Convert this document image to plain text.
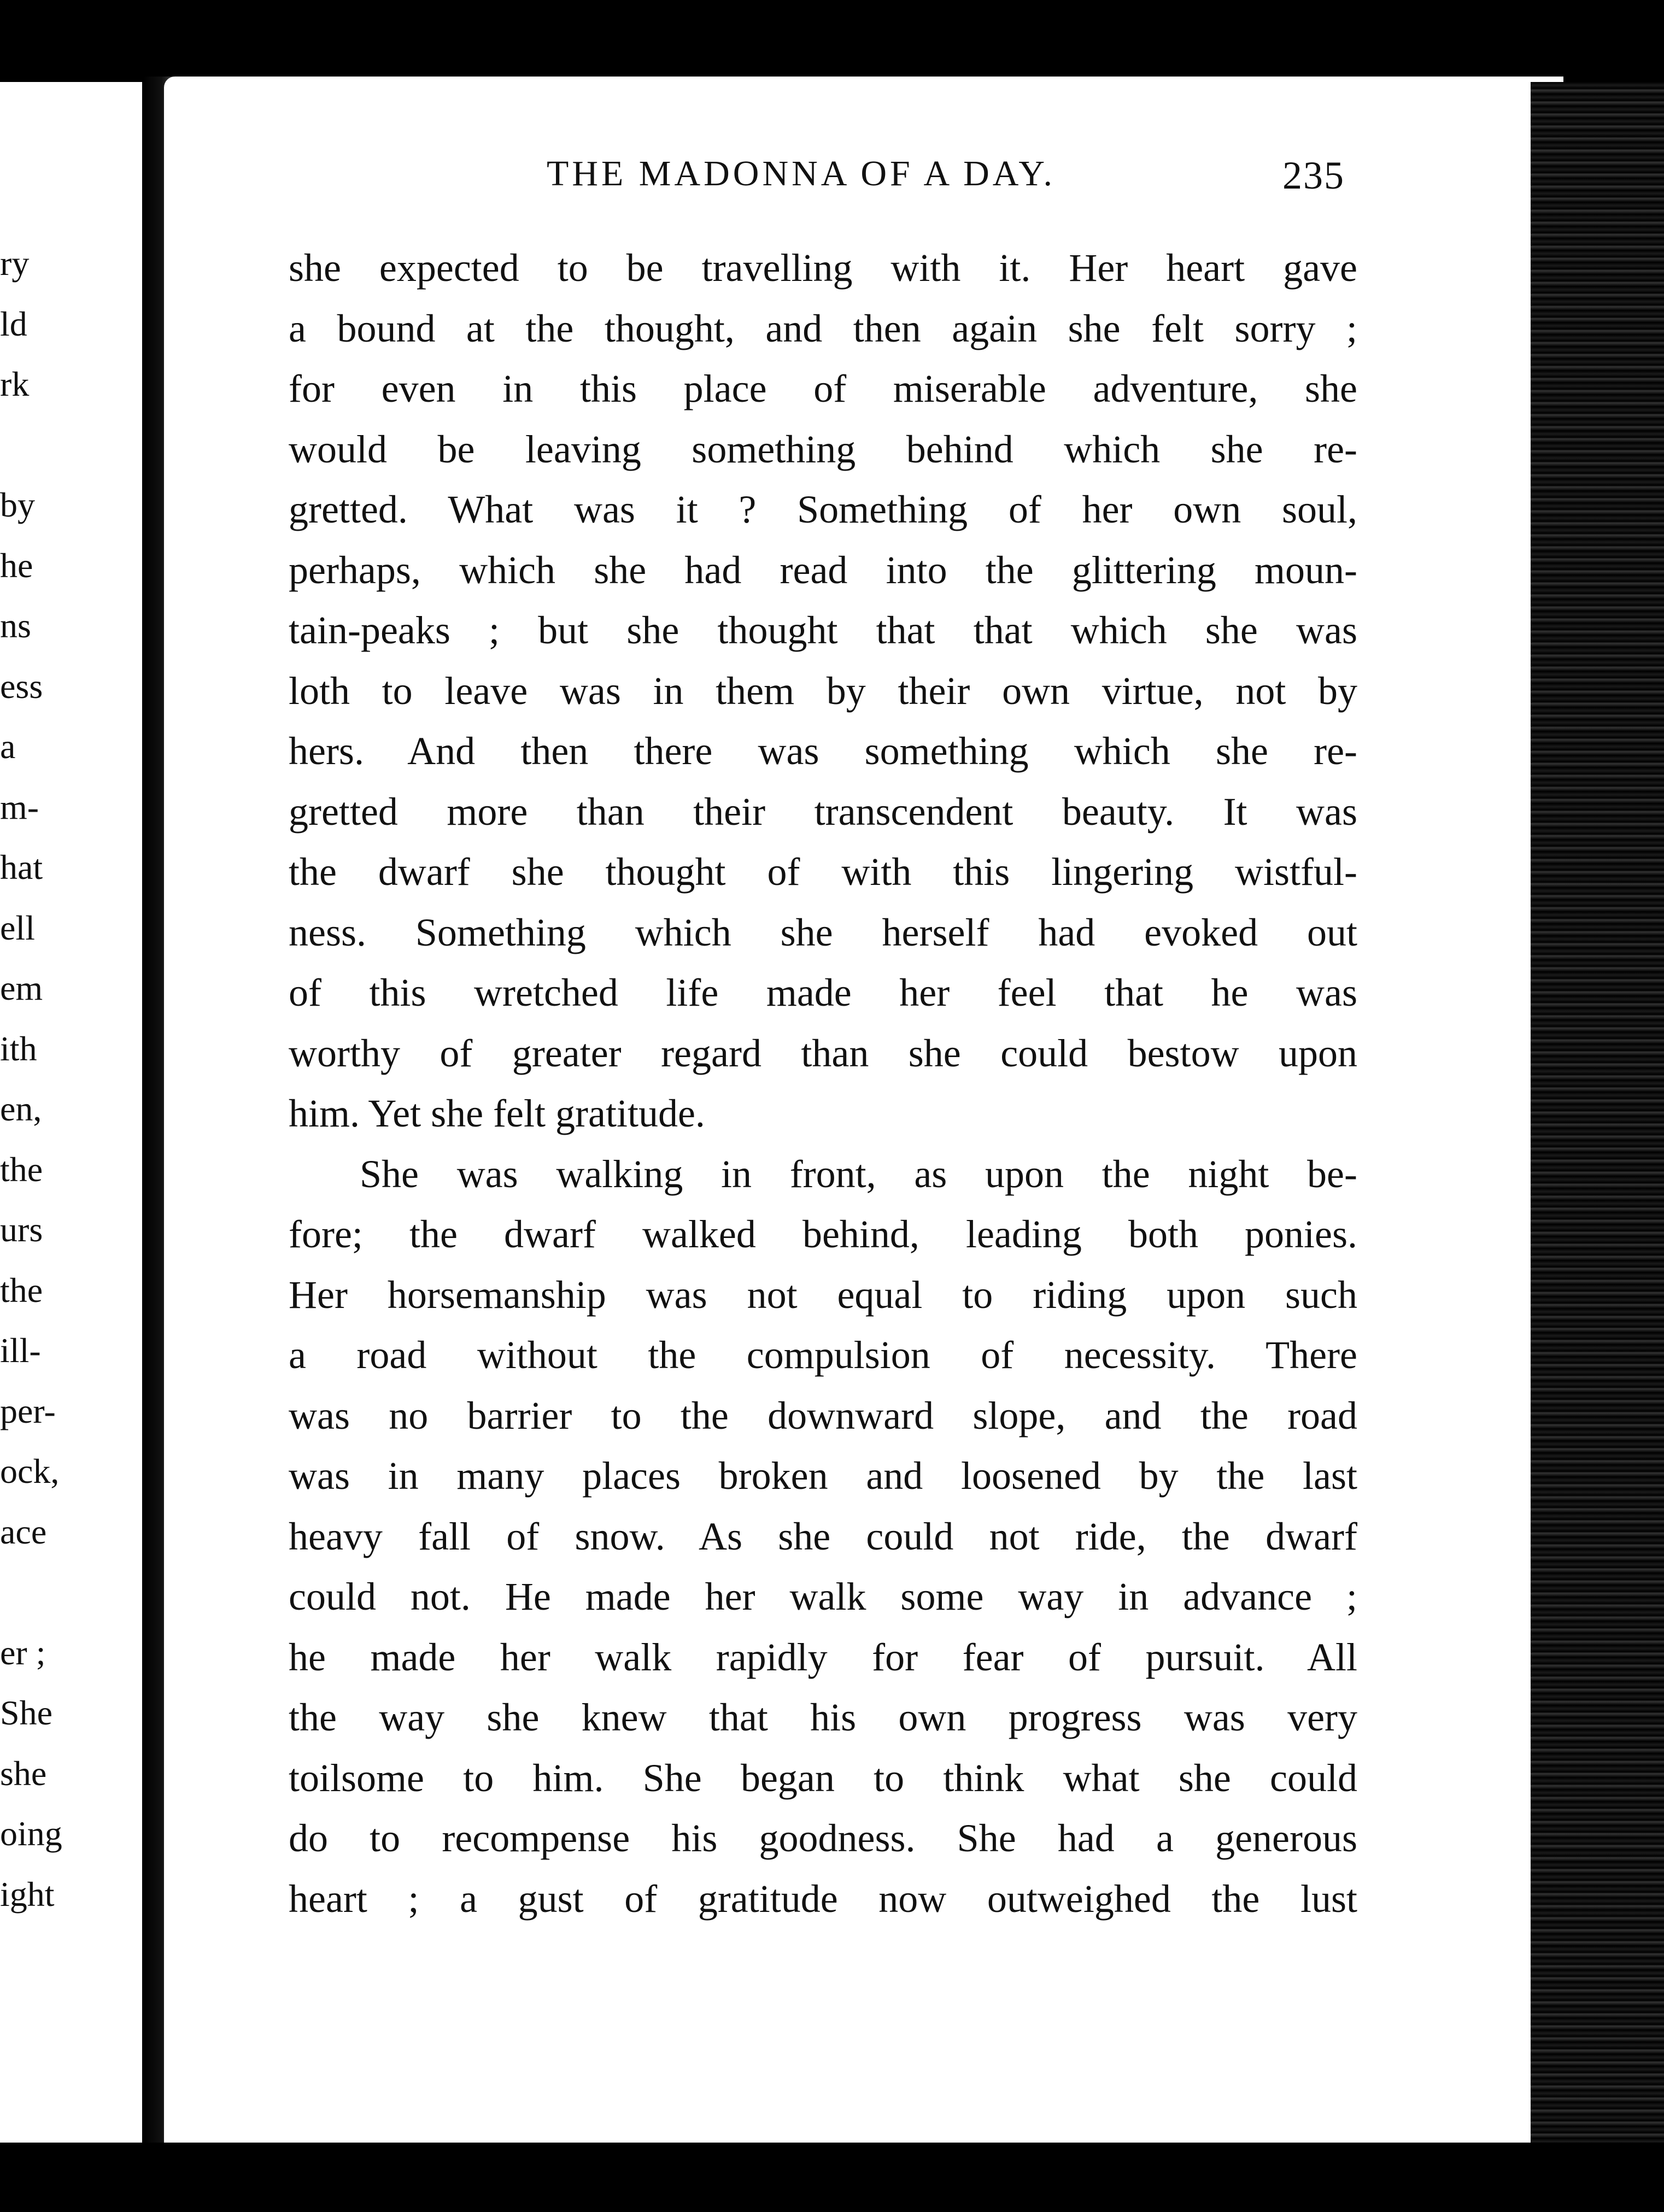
ry
ld
rk
by
he
ns
ess
a
m-
hat
ell
em
ith
en,
the
urs
the
ill-
per-
ock,
ace
er ;
She
she
oing
ight
THE MADONNA OF A DAY.	235
she expected to be travelling with it. Her heart gave
a bound at the thought, and then again she felt sorry ;
for even in this place of miserable adventure, she
would be leaving something behind which she re-
gretted. What was it ? Something of her own soul,
perhaps, which she had read into the glittering moun-
tain-peaks ; but she thought that that which she was
loth to leave was in them by their own virtue, not by
hers. And then there was something which she re-
gretted more than their transcendent beauty. It was
the dwarf she thought of with this lingering wistful-
ness. Something which she herself had evoked out
of this wretched life made her feel that he was
worthy of greater regard than she could bestow upon
him. Yet she felt gratitude.
She was walking in front, as upon the night be-
fore; the dwarf walked behind, leading both ponies.
Her horsemanship was not equal to riding upon such
a road without the compulsion of necessity. There
was no barrier to the downward slope, and the road
was in many places broken and loosened by the last
heavy fall of snow. As she could not ride, the dwarf
could not. He made her walk some way in advance ;
he made her walk rapidly for fear of pursuit. All
the way she knew that his own progress was very
toilsome to him. She began to think what she could
do to recompense his goodness. She had a generous
heart ; a gust of gratitude now outweighed the lust
